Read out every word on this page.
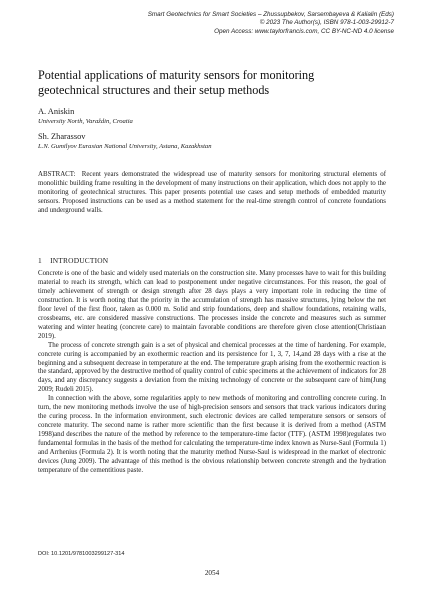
Smart Geotechnics for Smart Societies – Zhussupbekov, Sarsembayeva & Kalialin (Eds)
© 2023 The Author(s), ISBN 978-1-003-29912-7
Open Access: www.taylorfrancis.com, CC BY-NC-ND 4.0 license
Potential applications of maturity sensors for monitoring geotechnical structures and their setup methods
A. Aniskin
University North, Varaždin, Croatia
Sh. Zharassov
L.N. Gumilyov Eurasian National University, Astana, Kazakhstan
ABSTRACT: Recent years demonstrated the widespread use of maturity sensors for monitoring structural elements of monolithic building frame resulting in the development of many instructions on their application, which does not apply to the monitoring of geotechnical structures. This paper presents potential use cases and setup methods of embedded maturity sensors. Proposed instructions can be used as a method statement for the real-time strength control of concrete foundations and underground walls.
1 INTRODUCTION

Concrete is one of the basic and widely used materials on the construction site. Many processes have to wait for this building material to reach its strength, which can lead to postponement under negative circumstances. For this reason, the goal of timely achievement of strength or design strength after 28 days plays a very important role in reducing the time of construction. It is worth noting that the priority in the accumulation of strength has massive structures, lying below the net floor level of the first floor, taken as 0.000 m. Solid and strip foundations, deep and shallow foundations, retaining walls, crossbeams, etc. are considered massive constructions. The processes inside the concrete and measures such as summer watering and winter heating (concrete care) to maintain favorable conditions are therefore given close attention(Christiaan 2019).

The process of concrete strength gain is a set of physical and chemical processes at the time of hardening. For example, concrete curing is accompanied by an exothermic reaction and its persistence for 1, 3, 7, 14,and 28 days with a rise at the beginning and a subsequent decrease in temperature at the end. The temperature graph arising from the exothermic reaction is the standard, approved by the destructive method of quality control of cubic specimens at the achievement of indicators for 28 days, and any discrepancy suggests a deviation from the mixing technology of concrete or the subsequent care of him(Jung 2009; Rudeli 2015).

In connection with the above, some regularities apply to new methods of monitoring and controlling concrete curing. In turn, the new monitoring methods involve the use of high-precision sensors and sensors that track various indicators during the curing process. In the information environment, such electronic devices are called temperature sensors or sensors of concrete maturity. The second name is rather more scientific than the first because it is derived from a method (ASTM 1998)and describes the nature of the method by reference to the temperature-time factor (TTF). (ASTM 1998)regulates two fundamental formulas in the basis of the method for calculating the temperature-time index known as Nurse-Saul (Formula 1) and Arrhenius (Formula 2). It is worth noting that the maturity method Nurse-Saul is widespread in the market of electronic devices (Jung 2009). The advantage of this method is the obvious relationship between concrete strength and the hydration temperature of the cementitious paste.

DOI: 10.1201/9781003299127-314
2054
